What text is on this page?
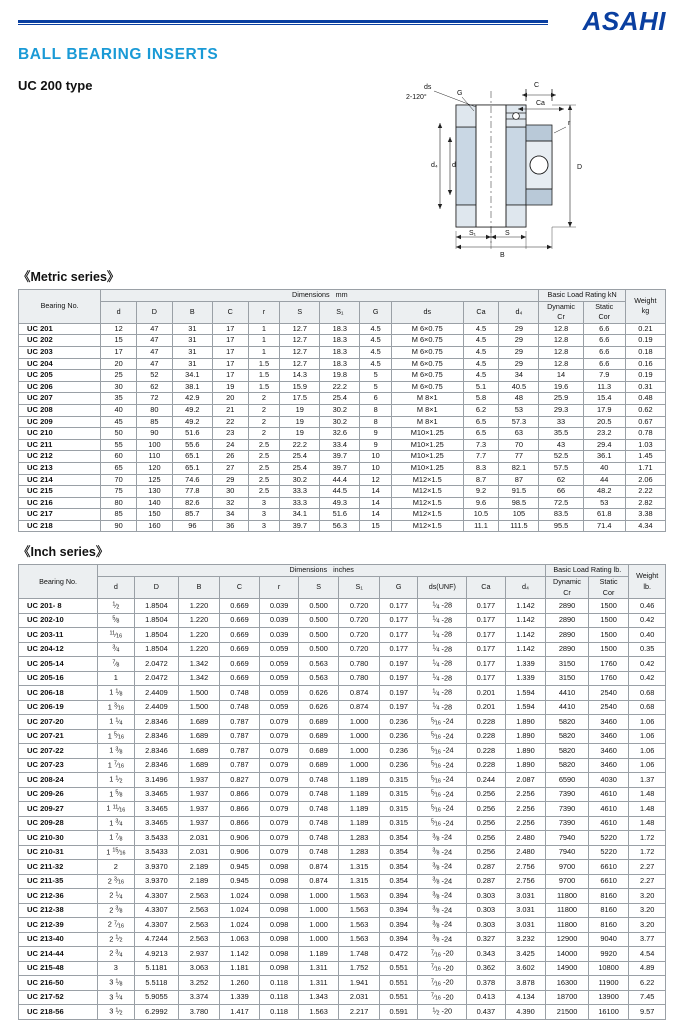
ASAHI
BALL BEARING INSERTS
UC 200 type	ds
2-120°
G
C
Ca
r
D
d
d₄
S₁	S
B
《Metric series》
Bearing No.	Dimensions mm											Basic Load Rating kN		Weight
kg

d	D	B	C	r	S	S₁	G	ds	Ca	d₄	
Dynamic
Cr

Static
Cor

UC 201	12	47	31	17	1	12.7	18.3	4.5	M 6×0.75	4.5	29	12.8	6.6	0.21
UC 202	15	47	31	17	1	12.7	18.3	4.5	M 6×0.75	4.5	29	12.8	6.6	0.19
UC 203	17	47	31	17	1	12.7	18.3	4.5	M 6×0.75	4.5	29	12.8	6.6	0.18
UC 204	20	47	31	17	1.5	12.7	18.3	4.5	M 6×0.75	4.5	29	12.8	6.6	0.16
UC 205	25	52	34.1	17	1.5	14.3	19.8	5	M 6×0.75	4.5	34	14	7.9	0.19
UC 206	30	62	38.1	19	1.5	15.9	22.2	5	M 6×0.75	5.1	40.5	19.6	11.3	0.31
UC 207	35	72	42.9	20	2	17.5	25.4	6	M 8×1	5.8	48	25.9	15.4	0.48
UC 208	40	80	49.2	21	2	19	30.2	8	M 8×1	6.2	53	29.3	17.9	0.62
UC 209	45	85	49.2	22	2	19	30.2	8	M 8×1	6.5	57.3	33	20.5	0.67
UC 210	50	90	51.6	23	2	19	32.6	9	M10×1.25	6.5	63	35.5	23.2	0.78
UC 211	55	100	55.6	24	2.5	22.2	33.4	9	M10×1.25	7.3	70	43	29.4	1.03
UC 212	60	110	65.1	26	2.5	25.4	39.7	10	M10×1.25	7.7	77	52.5	36.1	1.45
UC 213	65	120	65.1	27	2.5	25.4	39.7	10	M10×1.25	8.3	82.1	57.5	40	1.71
UC 214	70	125	74.6	29	2.5	30.2	44.4	12	M12×1.5	8.7	87	62	44	2.06
UC 215	75	130	77.8	30	2.5	33.3	44.5	14	M12×1.5	9.2	91.5	66	48.2	2.22
UC 216	80	140	82.6	32	3	33.3	49.3	14	M12×1.5	9.6	98.5	72.5	53	2.82
UC 217	85	150	85.7	34	3	34.1	51.6	14	M12×1.5	10.5	105	83.5	61.8	3.38
UC 218	90	160	96	36	3	39.7	56.3	15	M12×1.5	11.1	111.5	95.5	71.4	4.34
《Inch series》
Bearing No.	Dimensions inches											Basic Load Rating lb.		Weight
lb.

d	D	B	C	r	S	S₁	G	ds(UNF)	Ca	d₄	
Dynamic
Cr

Static
Cor

UC 201- 8	$^1⁄_2$	1.8504	1.220	0.669	0.039	0.500	0.720	0.177	$^1⁄_4$ -28	0.177	1.142	2890	1500	0.46
UC 202-10	$^5⁄_8$	1.8504	1.220	0.669	0.039	0.500	0.720	0.177	$^1⁄_4$ -28	0.177	1.142	2890	1500	0.42
UC 203-11	$^{11}⁄_{16}$	1.8504	1.220	0.669	0.039	0.500	0.720	0.177	$^1⁄_4$ -28	0.177	1.142	2890	1500	0.40
UC 204-12	$^3⁄_4$	1.8504	1.220	0.669	0.059	0.500	0.720	0.177	$^1⁄_4$ -28	0.177	1.142	2890	1500	0.35
UC 205-14	$^7⁄_8$	2.0472	1.342	0.669	0.059	0.563	0.780	0.197	$^1⁄_4$ -28	0.177	1.339	3150	1760	0.42
UC 205-16	1	2.0472	1.342	0.669	0.059	0.563	0.780	0.197	$^1⁄_4$ -28	0.177	1.339	3150	1760	0.42
UC 206-18	1 $^1⁄_8$	2.4409	1.500	0.748	0.059	0.626	0.874	0.197	$^1⁄_4$ -28	0.201	1.594	4410	2540	0.68
UC 206-19	1 $^3⁄_{16}$	2.4409	1.500	0.748	0.059	0.626	0.874	0.197	$^1⁄_4$ -28	0.201	1.594	4410	2540	0.68
UC 207-20	1 $^1⁄_4$	2.8346	1.689	0.787	0.079	0.689	1.000	0.236	$^5⁄_{16}$ -24	0.228	1.890	5820	3460	1.06
UC 207-21	1 $^5⁄_{16}$	2.8346	1.689	0.787	0.079	0.689	1.000	0.236	$^5⁄_{16}$ -24	0.228	1.890	5820	3460	1.06
UC 207-22	1 $^3⁄_8$	2.8346	1.689	0.787	0.079	0.689	1.000	0.236	$^5⁄_{16}$ -24	0.228	1.890	5820	3460	1.06
UC 207-23	1 $^7⁄_{16}$	2.8346	1.689	0.787	0.079	0.689	1.000	0.236	$^5⁄_{16}$ -24	0.228	1.890	5820	3460	1.06
UC 208-24	1 $^1⁄_2$	3.1496	1.937	0.827	0.079	0.748	1.189	0.315	$^5⁄_{16}$ -24	0.244	2.087	6590	4030	1.37
UC 209-26	1 $^5⁄_8$	3.3465	1.937	0.866	0.079	0.748	1.189	0.315	$^5⁄_{16}$ -24	0.256	2.256	7390	4610	1.48
UC 209-27	1 $^{11}⁄_{16}$	3.3465	1.937	0.866	0.079	0.748	1.189	0.315	$^5⁄_{16}$ -24	0.256	2.256	7390	4610	1.48
UC 209-28	1 $^3⁄_4$	3.3465	1.937	0.866	0.079	0.748	1.189	0.315	$^5⁄_{16}$ -24	0.256	2.256	7390	4610	1.48
UC 210-30	1 $^7⁄_8$	3.5433	2.031	0.906	0.079	0.748	1.283	0.354	$^3⁄_8$ -24	0.256	2.480	7940	5220	1.72
UC 210-31	1 $^{15}⁄_{16}$	3.5433	2.031	0.906	0.079	0.748	1.283	0.354	$^3⁄_8$ -24	0.256	2.480	7940	5220	1.72
UC 211-32	2	3.9370	2.189	0.945	0.098	0.874	1.315	0.354	$^3⁄_8$ -24	0.287	2.756	9700	6610	2.27
UC 211-35	2 $^3⁄_{16}$	3.9370	2.189	0.945	0.098	0.874	1.315	0.354	$^3⁄_8$ -24	0.287	2.756	9700	6610	2.27
UC 212-36	2 $^1⁄_4$	4.3307	2.563	1.024	0.098	1.000	1.563	0.394	$^3⁄_8$ -24	0.303	3.031	11800	8160	3.20
UC 212-38	2 $^3⁄_8$	4.3307	2.563	1.024	0.098	1.000	1.563	0.394	$^3⁄_8$ -24	0.303	3.031	11800	8160	3.20
UC 212-39	2 $^7⁄_{16}$	4.3307	2.563	1.024	0.098	1.000	1.563	0.394	$^3⁄_8$ -24	0.303	3.031	11800	8160	3.20
UC 213-40	2 $^1⁄_2$	4.7244	2.563	1.063	0.098	1.000	1.563	0.394	$^3⁄_8$ -24	0.327	3.232	12900	9040	3.77
UC 214-44	2 $^3⁄_4$	4.9213	2.937	1.142	0.098	1.189	1.748	0.472	$^7⁄_{16}$ -20	0.343	3.425	14000	9920	4.54
UC 215-48	3	5.1181	3.063	1.181	0.098	1.311	1.752	0.551	$^7⁄_{16}$ -20	0.362	3.602	14900	10800	4.89
UC 216-50	3 $^1⁄_8$	5.5118	3.252	1.260	0.118	1.311	1.941	0.551	$^7⁄_{16}$ -20	0.378	3.878	16300	11900	6.22
UC 217-52	3 $^1⁄_4$	5.9055	3.374	1.339	0.118	1.343	2.031	0.551	$^7⁄_{16}$ -20	0.413	4.134	18700	13900	7.45
UC 218-56	3 $^1⁄_2$	6.2992	3.780	1.417	0.118	1.563	2.217	0.591	$^1⁄_2$ -20	0.437	4.390	21500	16100	9.57
